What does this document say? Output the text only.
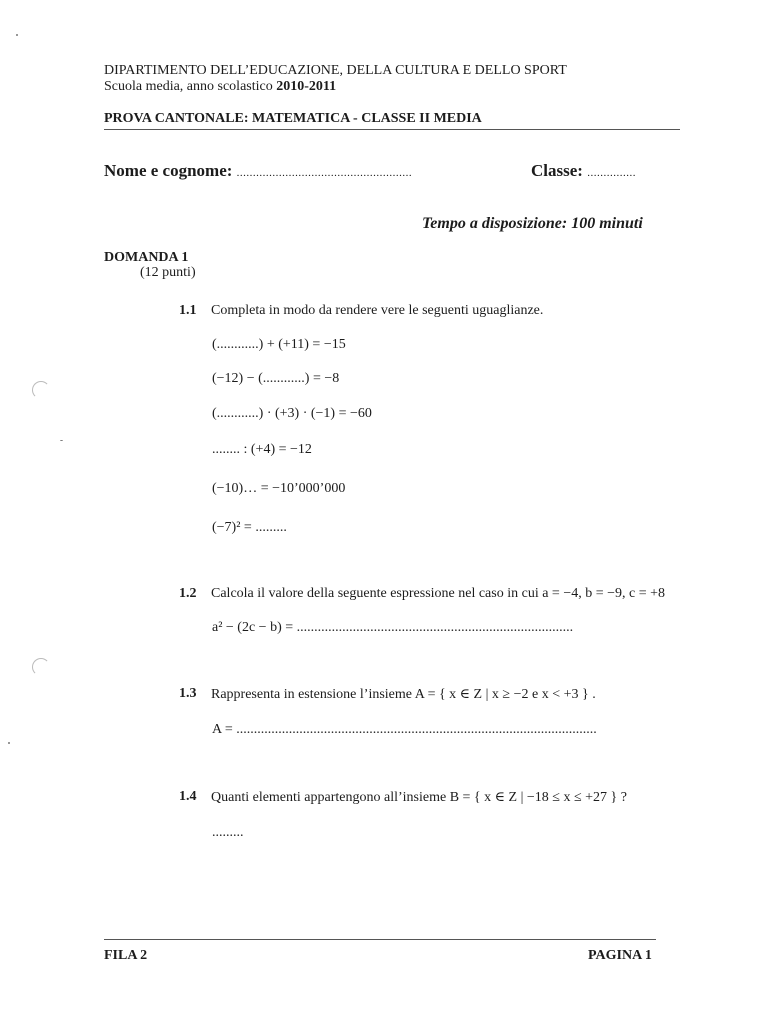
DIPARTIMENTO DELL’EDUCAZIONE, DELLA CULTURA E DELLO SPORT
Scuola media, anno scolastico 2010-2011
PROVA CANTONALE: MATEMATICA - CLASSE II MEDIA
Nome e cognome: ......................................................	Classe: ...............
Tempo a disposizione: 100 minuti
DOMANDA 1
(12 punti)
1.1 Completa in modo da rendere vere le seguenti uguaglianze.
(............) + (+11) = −15
(−12) − (............) = −8
(............) · (+3) · (−1) = −60
........ : (+4) = −12
(−10)… = −10’000’000
(−7)² = .........
1.2 Calcola il valore della seguente espressione nel caso in cui a = −4, b = −9, c = +8
a² − (2c − b) = ...............................................................................
1.3 Rappresenta in estensione l’insieme A = { x ∈ Z | x ≥ −2 e x < +3 } .
A = .......................................................................................................
1.4 Quanti elementi appartengono all’insieme B = { x ∈ Z | −18 ≤ x ≤ +27 } ?
.........
FILA 2	PAGINA 1
